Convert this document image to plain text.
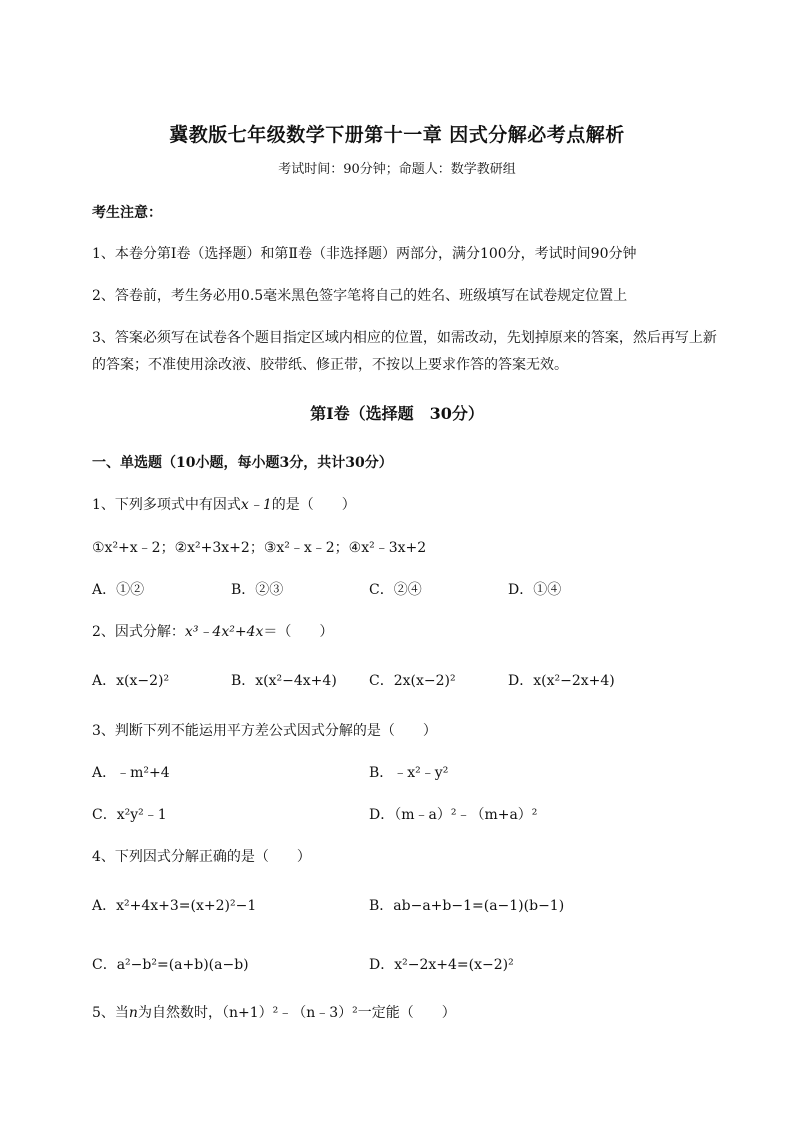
冀教版七年级数学下册第十一章 因式分解必考点解析
考试时间：90分钟；命题人：数学教研组
考生注意：
1、本卷分第I卷（选择题）和第Ⅱ卷（非选择题）两部分，满分100分，考试时间90分钟
2、答卷前，考生务必用0.5毫米黑色签字笔将自己的姓名、班级填写在试卷规定位置上
3、答案必须写在试卷各个题目指定区域内相应的位置，如需改动，先划掉原来的答案，然后再写上新
的答案；不准使用涂改液、胶带纸、修正带，不按以上要求作答的答案无效。
第I卷（选择题　30分）
一、单选题（10小题，每小题3分，共计30分）
1、下列多项式中有因式x﹣1的是（　　）
①x²+x﹣2；②x²+3x+2；③x²﹣x﹣2；④x²﹣3x+2
A．①②	B．②③	C．②④	D．①④
2、因式分解：x³﹣4x²+4x＝（　　）
A．x(x−2)²	B．x(x²−4x+4) C．2x(x−2)²	D．x(x²−2x+4)
3、判断下列不能运用平方差公式因式分解的是（　　）
A．﹣m²+4	B．﹣x²﹣y²
C．x²y²﹣1	D．（m﹣a）²﹣（m+a）²
4、下列因式分解正确的是（　　）
A．x²+4x+3=(x+2)²−1	B．ab−a+b−1=(a−1)(b−1)
C．a²−b²=(a+b)(a−b)	D．x²−2x+4=(x−2)²
5、当n为自然数时，（n+1）²﹣（n﹣3）²一定能（　　）
